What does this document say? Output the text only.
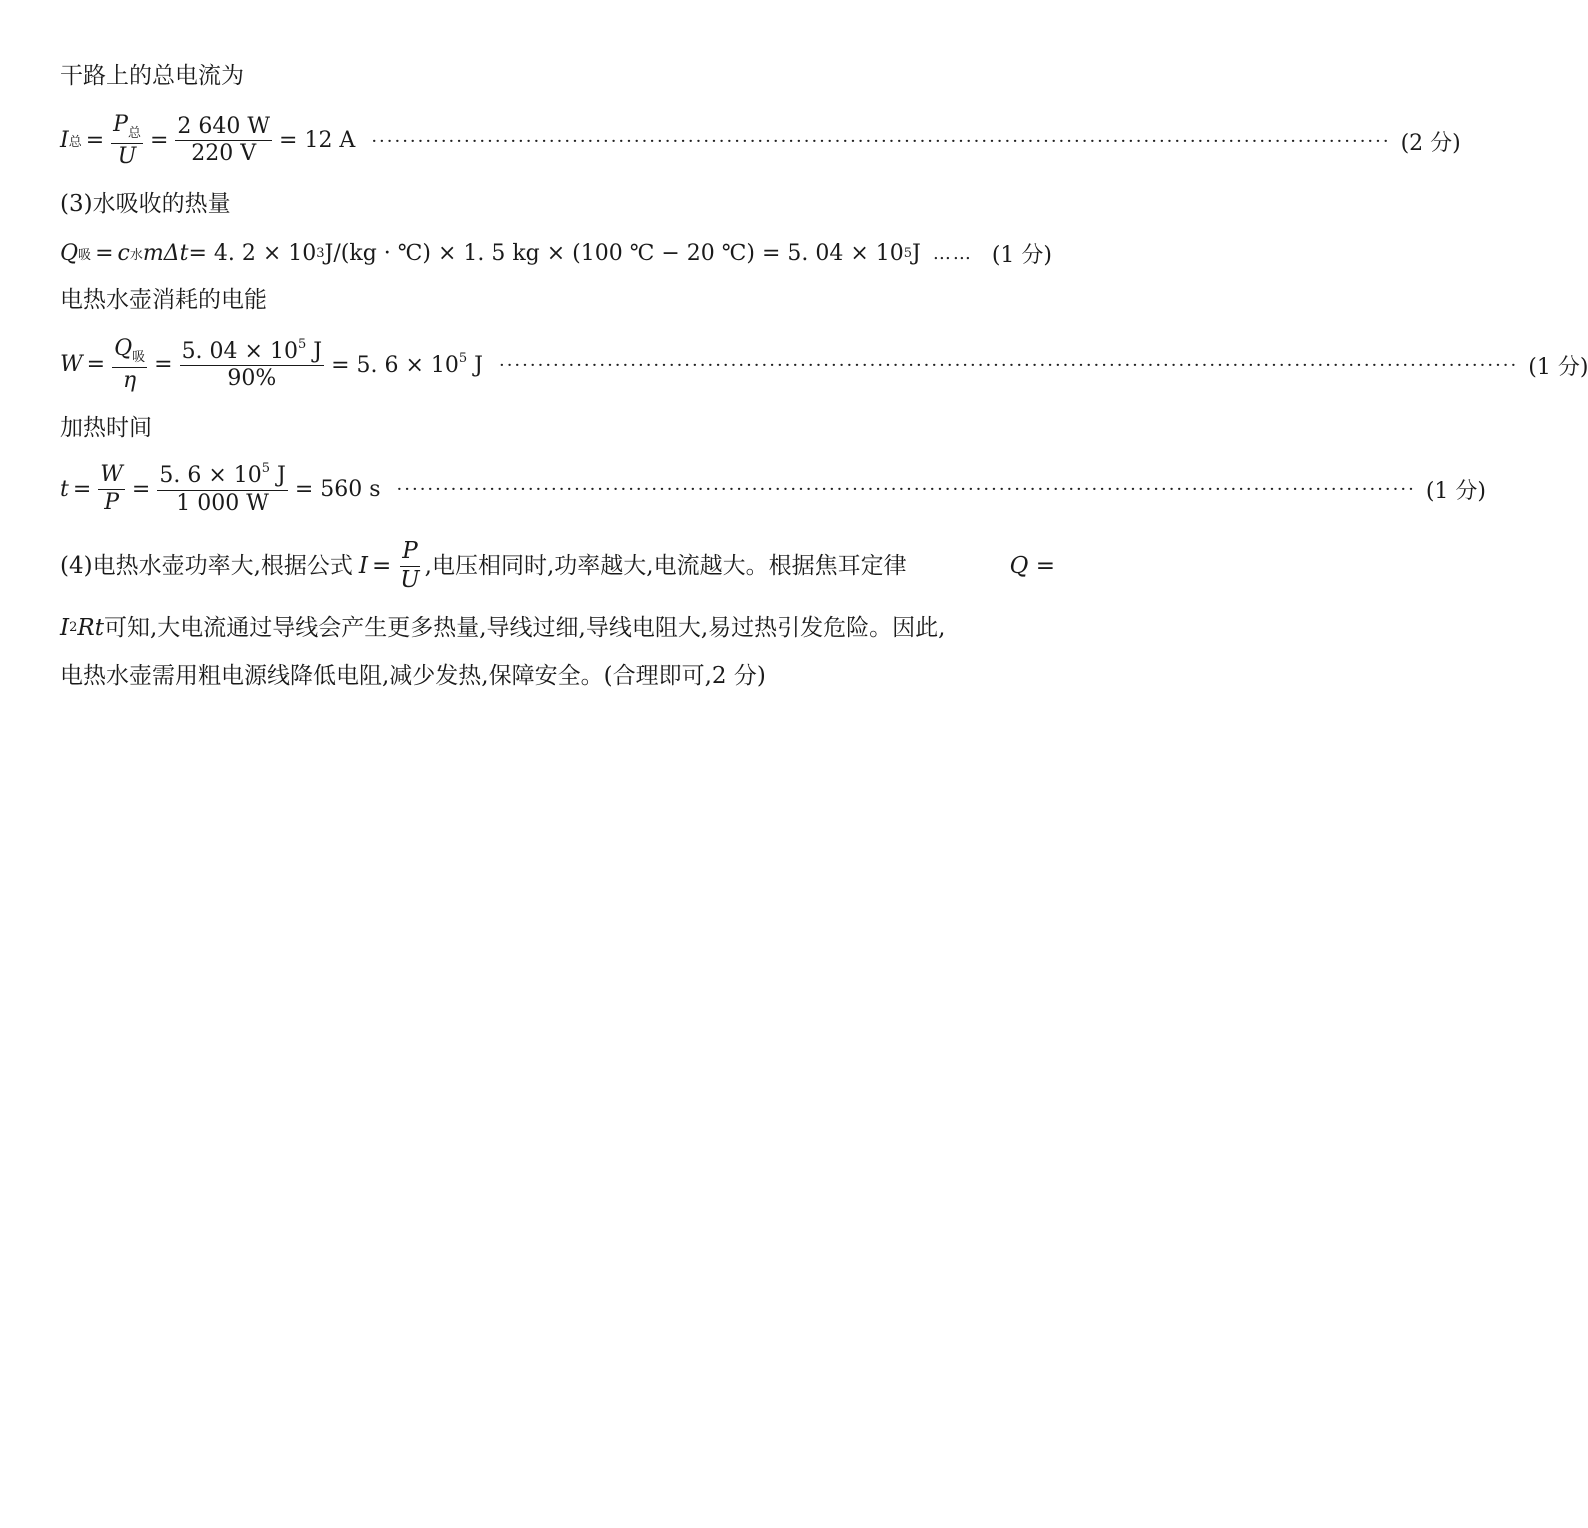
干路上的总电流为
I 总 = $\frac{P_总}{U} = \frac{2 640 W}{220 V} = 12$ A ···································································································································· (2 分)
(3)水吸收的热量
Q 吸 = c 水 mΔt = 4. 2 × 10 3 J/(kg · ℃) × 1. 5 kg × (100 ℃ − 20 ℃) = 5. 04 × 10 5 J …… (1 分)
电热水壶消耗的电能
$W = \frac{Q_吸}{\eta} = \frac{5. 04 \times 10^5 J}{90\%} = 5$. $6 \times 10^5$ J ···································································································································· (1 分)
加热时间
$t = \frac{W}{P} = \frac{5. 6 \times 10^5 J}{1 000 W} = 560$ s ···································································································································· (1 分)
(4)电热水壶功率大,根据公式 $I = \frac{P}{U}$ ,电压相同时,功率越大,电流越大。根据焦耳定律	Q =
I 2 Rt 可知,大电流通过导线会产生更多热量,导线过细,导线电阻大,易过热引发危险。因此,
电热水壶需用粗电源线降低电阻,减少发热,保障安全。(合理即可,2 分)
